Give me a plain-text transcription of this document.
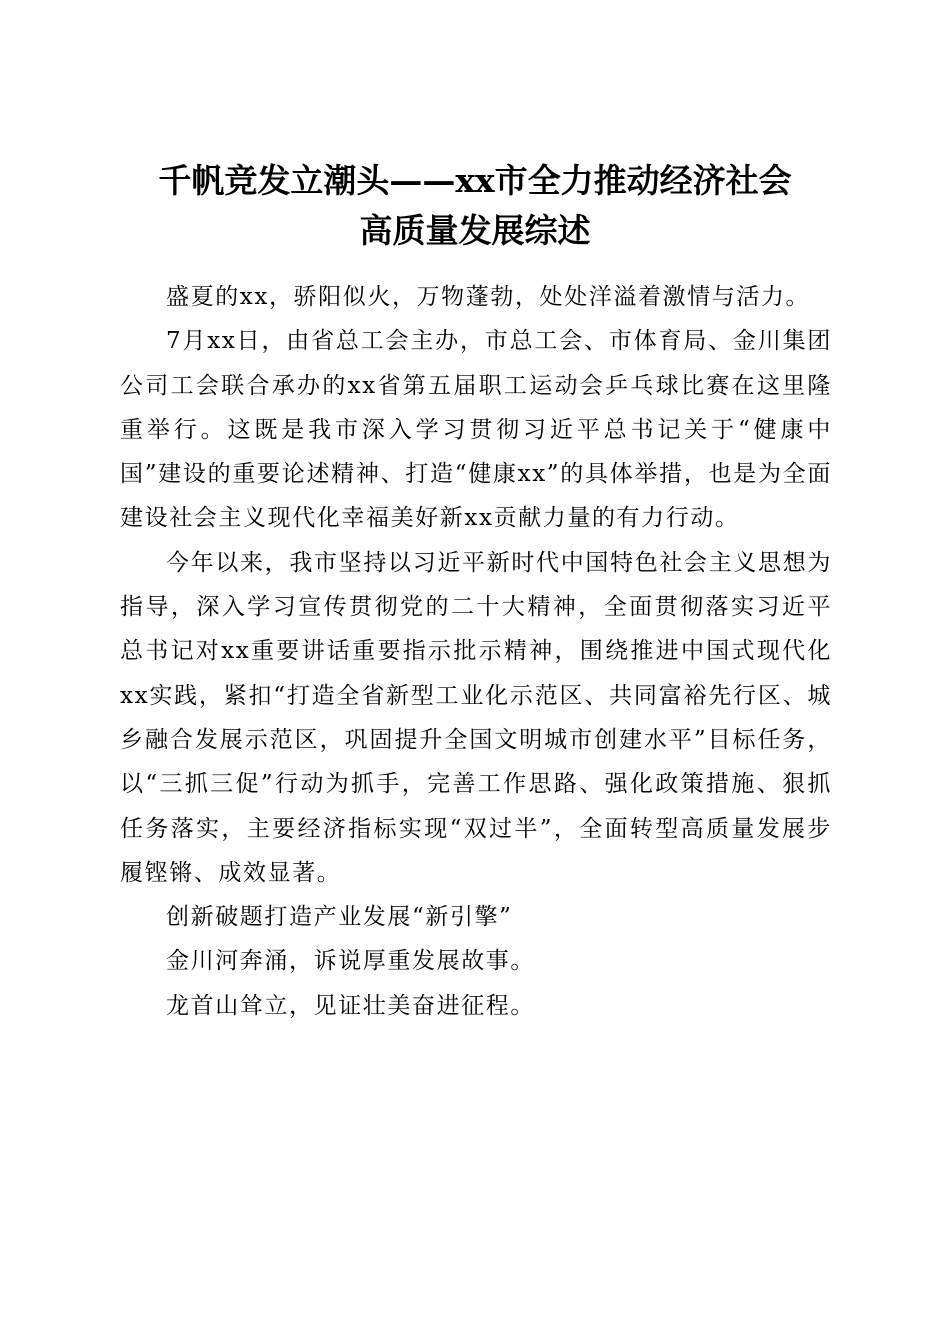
千帆竞发立潮头——xx市全力推动经济社会
高质量发展综述

盛夏的xx，骄阳似火，万物蓬勃，处处洋溢着激情与活力。

7月xx日，由省总工会主办，市总工会、市体育局、金川集团公司工会联合承办的xx省第五届职工运动会乒乓球比赛在这里隆重举行。这既是我市深入学习贯彻习近平总书记关于“健康中国”建设的重要论述精神、打造“健康xx”的具体举措，也是为全面建设社会主义现代化幸福美好新xx贡献力量的有力行动。

今年以来，我市坚持以习近平新时代中国特色社会主义思想为指导，深入学习宣传贯彻党的二十大精神，全面贯彻落实习近平总书记对xx重要讲话重要指示批示精神，围绕推进中国式现代化xx实践，紧扣“打造全省新型工业化示范区、共同富裕先行区、城乡融合发展示范区，巩固提升全国文明城市创建水平”目标任务，以“三抓三促”行动为抓手，完善工作思路、强化政策措施、狠抓任务落实，主要经济指标实现“双过半”，全面转型高质量发展步履铿锵、成效显著。

创新破题打造产业发展“新引擎”

金川河奔涌，诉说厚重发展故事。

龙首山耸立，见证壮美奋进征程。
